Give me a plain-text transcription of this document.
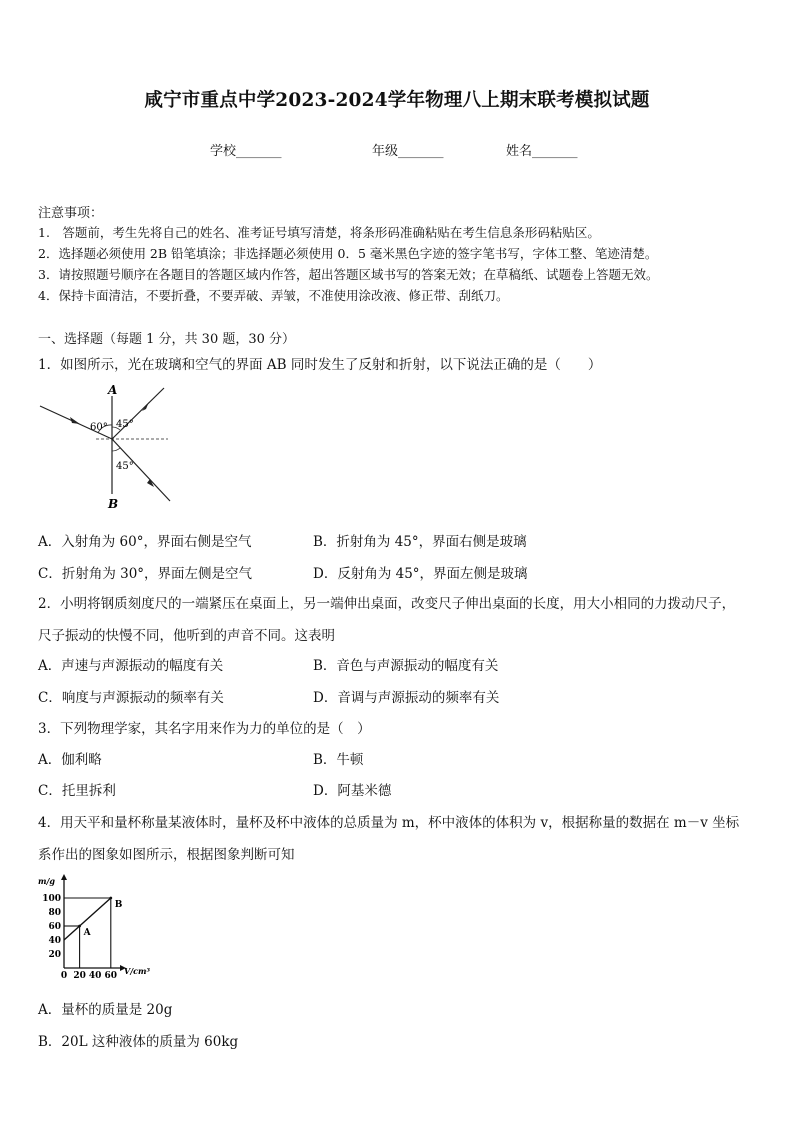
咸宁市重点中学2023-2024学年物理八上期末联考模拟试题
学校_______	年级_______	姓名_______
注意事项：
1.　答题前，考生先将自己的姓名、准考证号填写清楚，将条形码准确粘贴在考生信息条形码粘贴区。
2．选择题必须使用 2B 铅笔填涂；非选择题必须使用 0．5 毫米黑色字迹的签字笔书写，字体工整、笔迹清楚。
3．请按照题号顺序在各题目的答题区域内作答，超出答题区域书写的答案无效；在草稿纸、试题卷上答题无效。
4．保持卡面清洁，不要折叠，不要弄破、弄皱，不准使用涂改液、修正带、刮纸刀。
一、选择题（每题 1 分，共 30 题，30 分）
1．如图所示，光在玻璃和空气的界面 AB 同时发生了反射和折射，以下说法正确的是（　　）
A
B
60° 45°
45°
A．入射角为 60°，界面右侧是空气	B．折射角为 45°，界面右侧是玻璃
C．折射角为 30°，界面左侧是空气	D．反射角为 45°，界面左侧是玻璃
2．小明将钢质刻度尺的一端紧压在桌面上，另一端伸出桌面，改变尺子伸出桌面的长度，用大小相同的力拨动尺子，
尺子振动的快慢不同，他听到的声音不同。这表明
A．声速与声源振动的幅度有关	B．音色与声源振动的幅度有关
C．响度与声源振动的频率有关	D．音调与声源振动的频率有关
3．下列物理学家，其名字用来作为力的单位的是（　）
A．伽利略	B．牛顿
C．托里拆利	D．阿基米德
4．用天平和量杯称量某液体时，量杯及杯中液体的总质量为 m，杯中液体的体积为 v，根据称量的数据在 m－v 坐标
系作出的图象如图所示，根据图象判断可知
m/g
V/cm³
20
40
60
80
100
0 20 40 60
A
B
A．量杯的质量是 20g
B．20L 这种液体的质量为 60kg
